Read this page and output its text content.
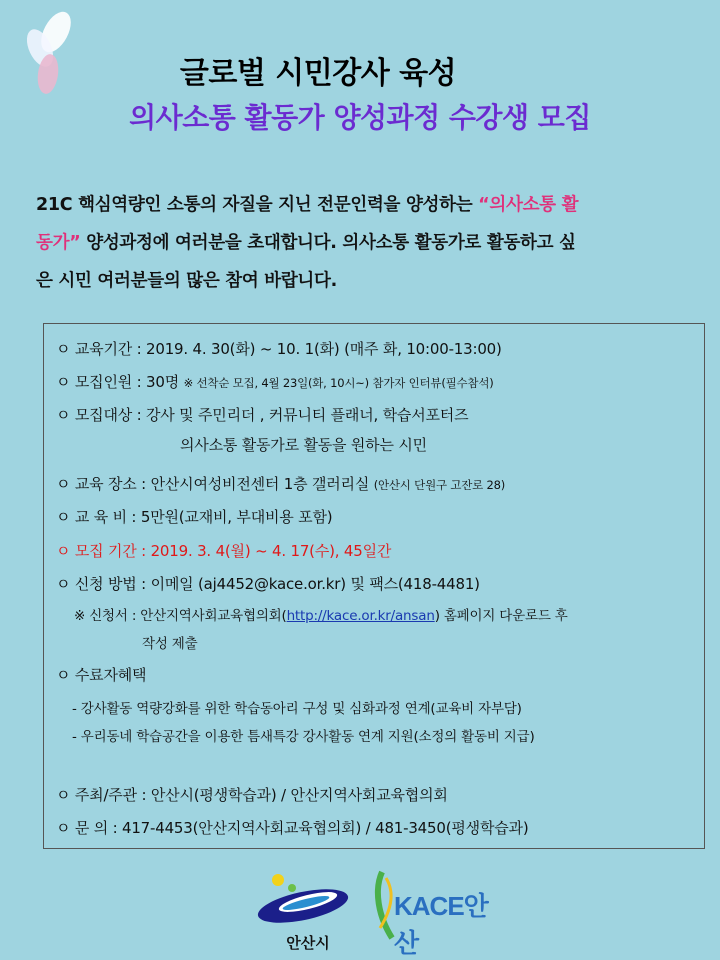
글로벌 시민강사 육성
의사소통 활동가 양성과정 수강생 모집
21C 핵심역량인 소통의 자질을 지닌 전문인력을 양성하는 “의사소통 활
동가” 양성과정에 여러분을 초대합니다. 의사소통 활동가로 활동하고 싶
은 시민 여러분들의 많은 참여 바랍니다.
ㅇ 교육기간 : 2019. 4. 30(화) ~ 10. 1(화) (매주 화, 10:00-13:00)
ㅇ 모집인원 : 30명 ※ 선착순 모집, 4월 23일(화, 10시~) 참가자 인터뷰(필수참석)
ㅇ 모집대상 : 강사 및 주민리더 , 커뮤니티 플래너, 학습서포터즈
의사소통 활동가로 활동을 원하는 시민
ㅇ 교육 장소 : 안산시여성비전센터 1층 갤러리실 (안산시 단원구 고잔로 28)
ㅇ 교 육 비 : 5만원(교재비, 부대비용 포함)
ㅇ 모집 기간 : 2019. 3. 4(월) ~ 4. 17(수), 45일간
ㅇ 신청 방법 : 이메일 (aj4452@kace.or.kr) 및 팩스(418-4481)
※ 신청서 : 안산지역사회교육협의회(http://kace.or.kr/ansan) 홈페이지 다운로드 후
작성 제출
ㅇ 수료자혜택
- 강사활동 역량강화를 위한 학습동아리 구성 및 심화과정 연계(교육비 자부담)
- 우리동네 학습공간을 이용한 틈새특강 강사활동 연계 지원(소정의 활동비 지급)
ㅇ 주최/주관 : 안산시(평생학습과) / 안산지역사회교육협의회
ㅇ 문 의 : 417-4453(안산지역사회교육협의회) / 481-3450(평생학습과)
안산시
KACE안산
